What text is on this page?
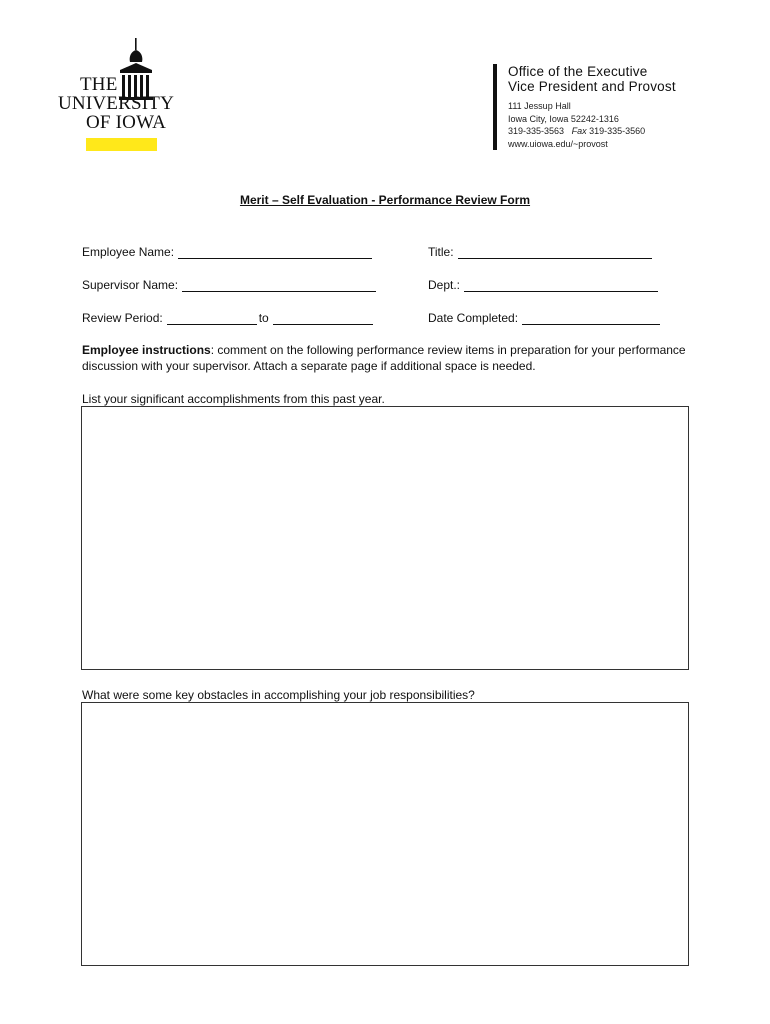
THE
UNIVERSITY
OF IOWA
Office of the Executive
Vice President and Provost
111 Jessup Hall
Iowa City, Iowa 52242-1316
319-335-3563 Fax 319-335-3560
www.uiowa.edu/~provost
Merit – Self Evaluation - Performance Review Form
Employee Name:	Title:
Supervisor Name:	Dept.:
Review Period:	to	Date Completed:
Employee instructions: comment on the following performance review items in preparation for your performance discussion with your supervisor. Attach a separate page if additional space is needed.
List your significant accomplishments from this past year.
What were some key obstacles in accomplishing your job responsibilities?
